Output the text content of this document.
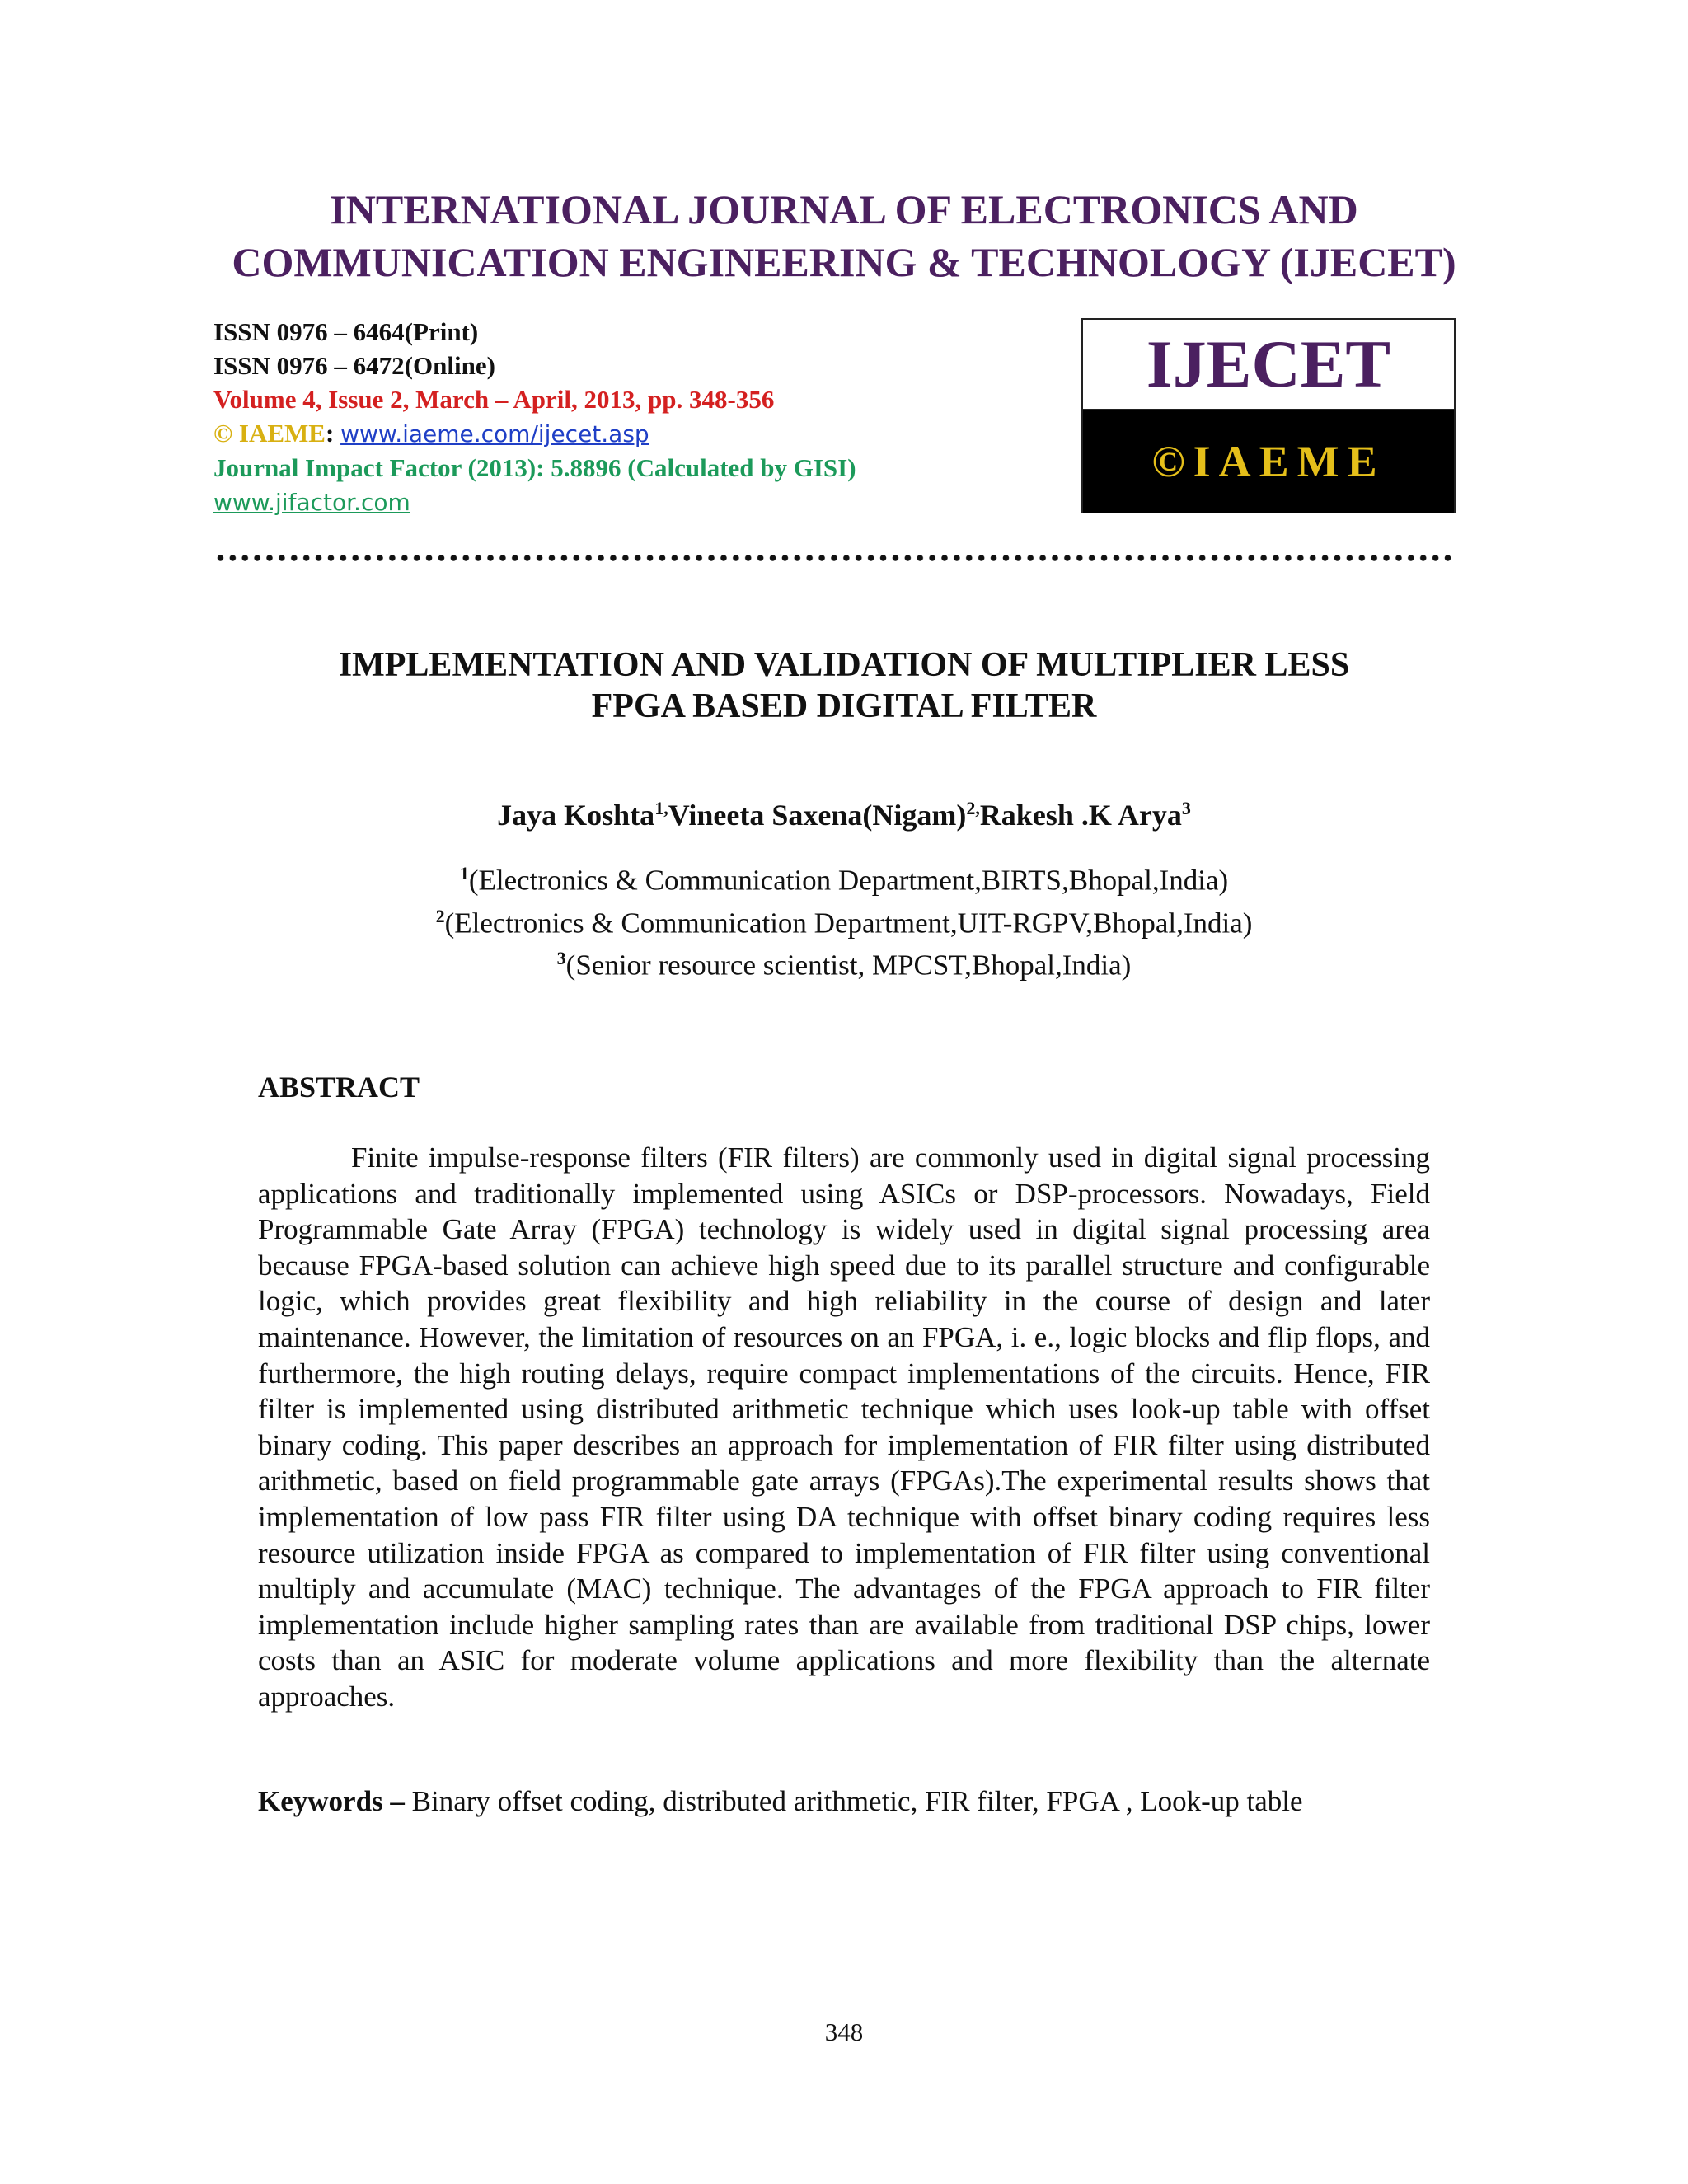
INTERNATIONAL JOURNAL OF ELECTRONICS AND
COMMUNICATION ENGINEERING & TECHNOLOGY (IJECET)
ISSN 0976 – 6464(Print)
ISSN 0976 – 6472(Online)
Volume 4, Issue 2, March – April, 2013, pp. 348-356
© IAEME: www.iaeme.com/ijecet.asp
Journal Impact Factor (2013): 5.8896 (Calculated by GISI)
www.jifactor.com
IJECET
©IAEME
IMPLEMENTATION AND VALIDATION OF MULTIPLIER LESS
FPGA BASED DIGITAL FILTER
Jaya Koshta$^{1,}$Vineeta Saxena(Nigam)$^{2,}$Rakesh .K Arya$^3$
$^1$(Electronics & Communication Department,BIRTS,Bhopal,India)
$^2$(Electronics & Communication Department,UIT-RGPV,Bhopal,India)
$^3$(Senior resource scientist, MPCST,Bhopal,India)
ABSTRACT
Finite impulse-response filters (FIR filters) are commonly used in digital signal processing applications and traditionally implemented using ASICs or DSP-processors. Nowadays, Field Programmable Gate Array (FPGA) technology is widely used in digital signal processing area because FPGA-based solution can achieve high speed due to its parallel structure and configurable logic, which provides great flexibility and high reliability in the course of design and later maintenance. However, the limitation of resources on an FPGA, i. e., logic blocks and flip flops, and furthermore, the high routing delays, require compact implementations of the circuits. Hence, FIR filter is implemented using distributed arithmetic technique which uses look-up table with offset binary coding. This paper describes an approach for implementation of FIR filter using distributed arithmetic, based on field programmable gate arrays (FPGAs).The experimental results shows that implementation of low pass FIR filter using DA technique with offset binary coding requires less resource utilization inside FPGA as compared to implementation of FIR filter using conventional multiply and accumulate (MAC) technique. The advantages of the FPGA approach to FIR filter implementation include higher sampling rates than are available from traditional DSP chips, lower costs than an ASIC for moderate volume applications and more flexibility than the alternate approaches.
Keywords – Binary offset coding, distributed arithmetic, FIR filter, FPGA , Look-up table
348
